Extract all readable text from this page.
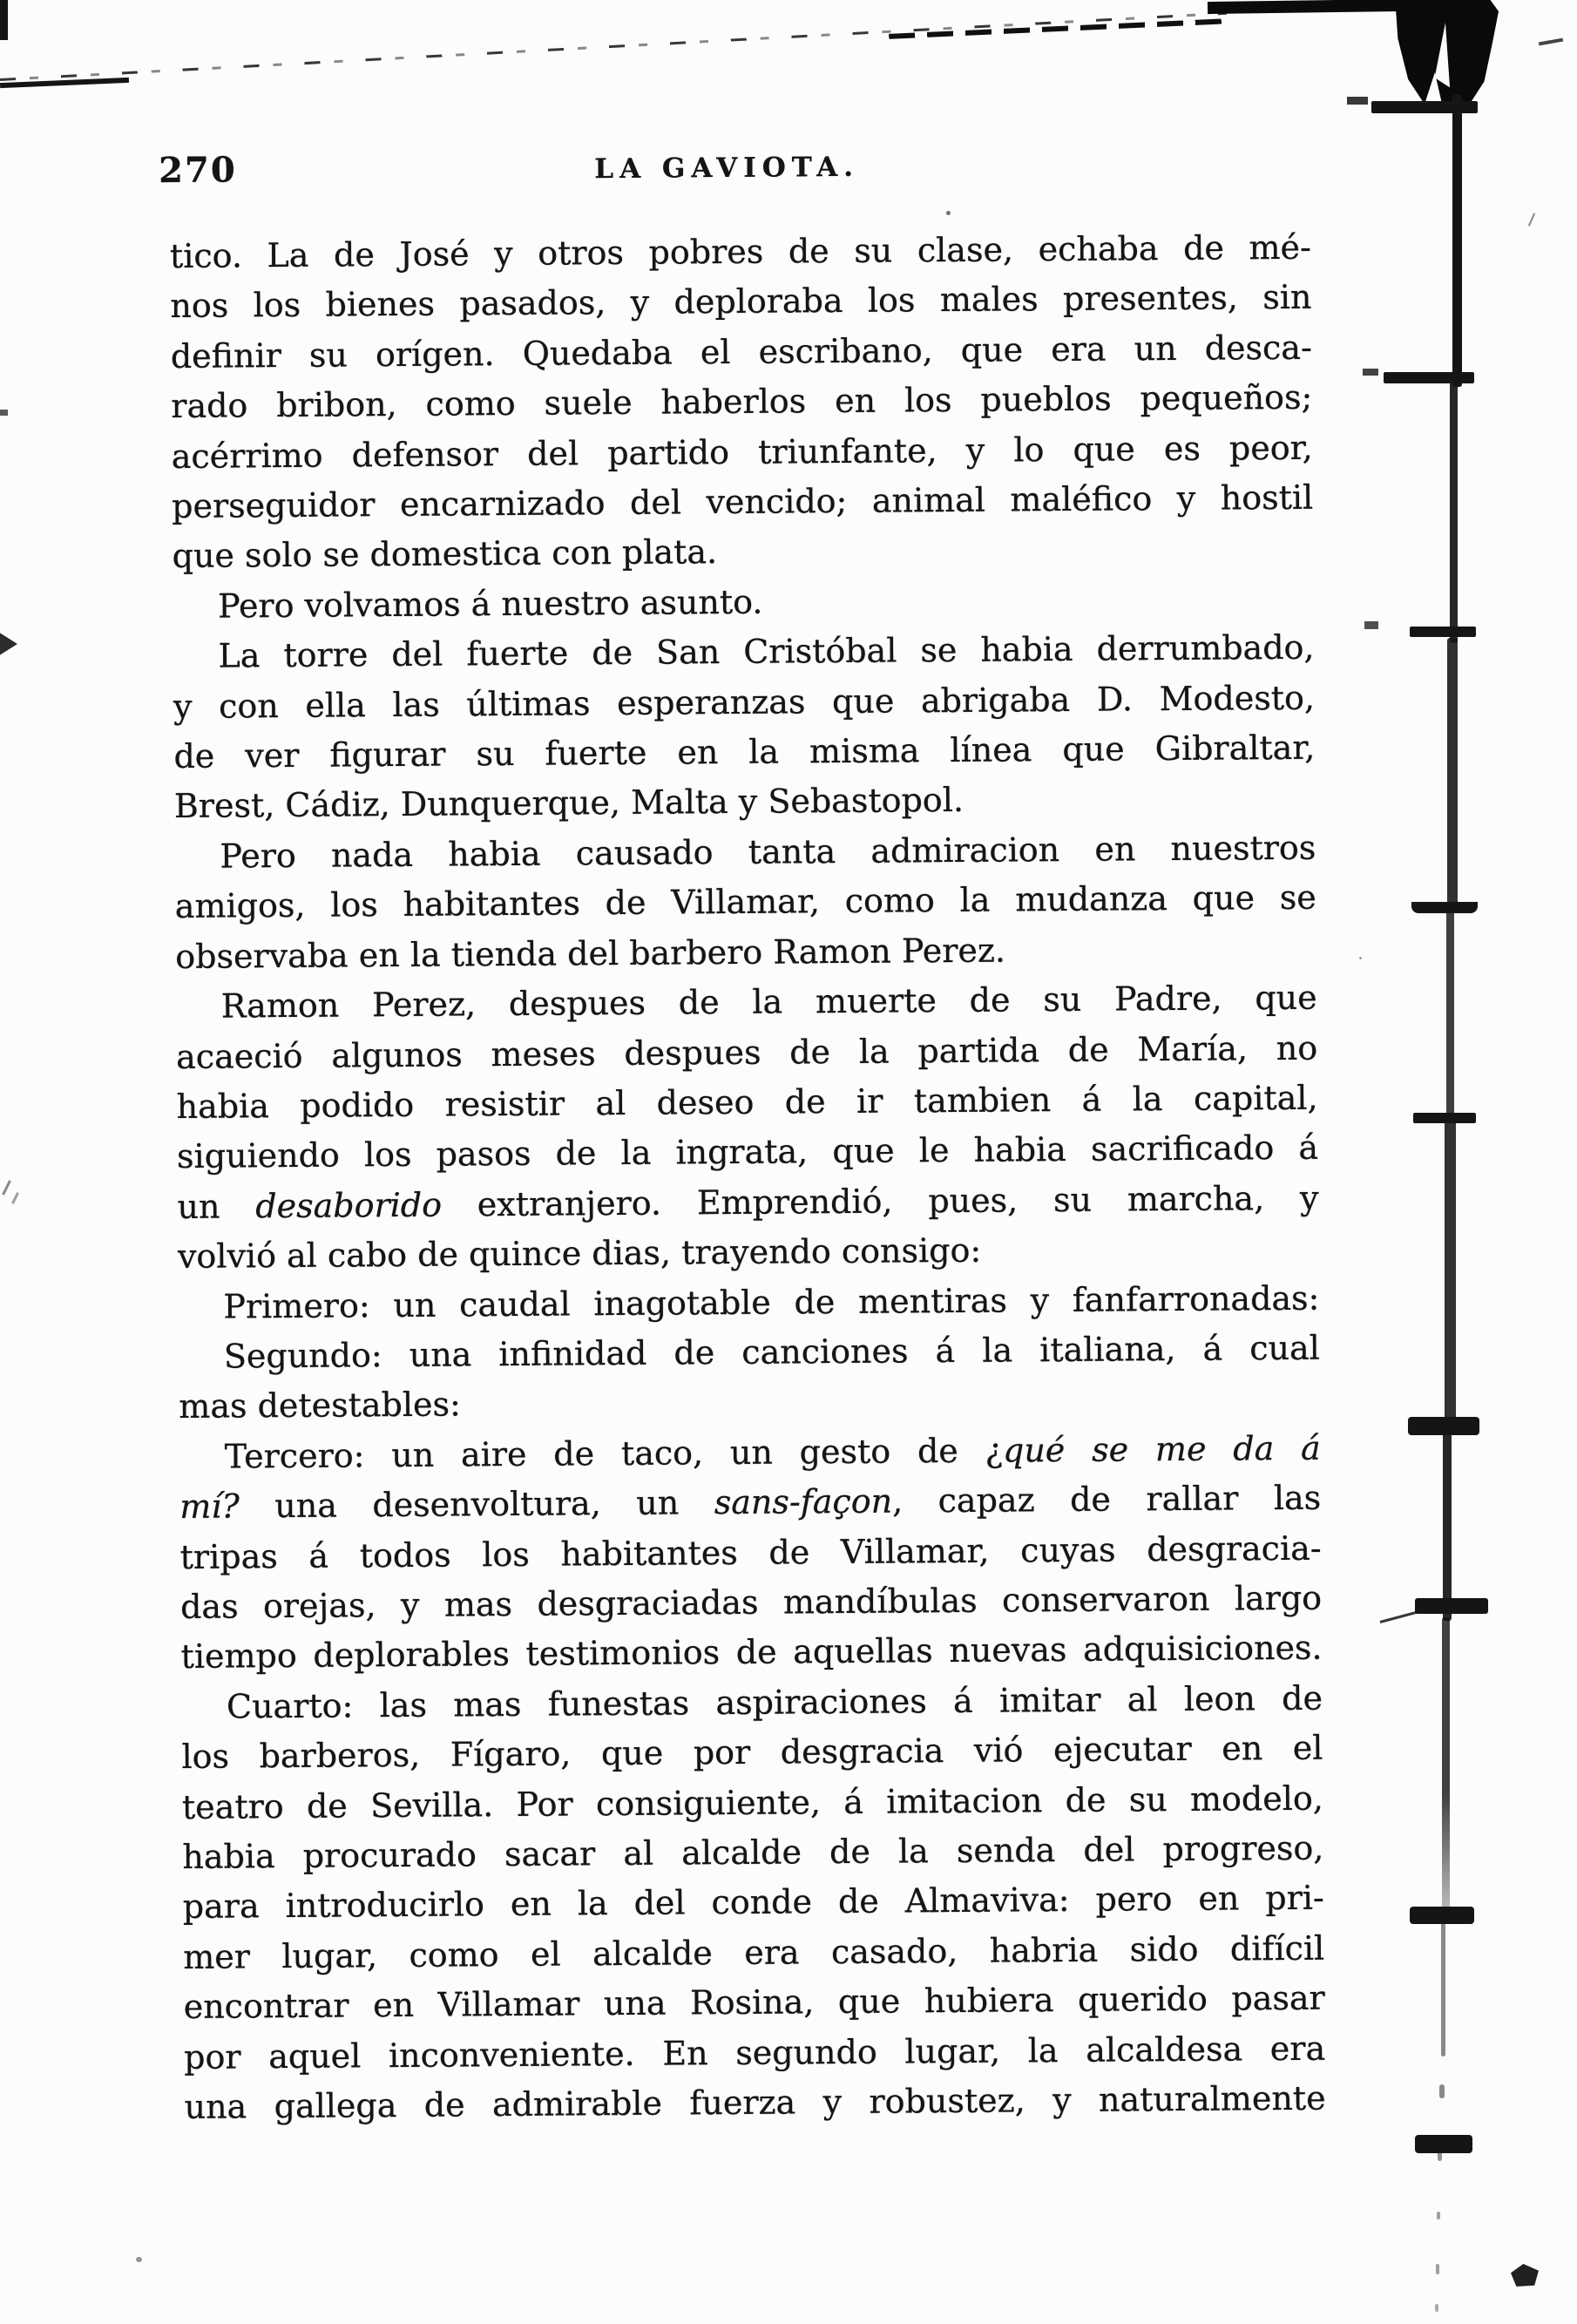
270	LA GAVIOTA.
tico. La de José y otros pobres de su clase, echaba de mé-
nos los bienes pasados, y deploraba los males presentes, sin
definir su orígen. Quedaba el escribano, que era un desca-
rado bribon, como suele haberlos en los pueblos pequeños;
acérrimo defensor del partido triunfante, y lo que es peor,
perseguidor encarnizado del vencido; animal maléfico y hostil
que solo se domestica con plata.
Pero volvamos á nuestro asunto.
La torre del fuerte de San Cristóbal se habia derrumbado,
y con ella las últimas esperanzas que abrigaba D. Modesto,
de ver figurar su fuerte en la misma línea que Gibraltar,
Brest, Cádiz, Dunquerque, Malta y Sebastopol.
Pero nada habia causado tanta admiracion en nuestros
amigos, los habitantes de Villamar, como la mudanza que se
observaba en la tienda del barbero Ramon Perez.
Ramon Perez, despues de la muerte de su Padre, que
acaeció algunos meses despues de la partida de María, no
habia podido resistir al deseo de ir tambien á la capital,
siguiendo los pasos de la ingrata, que le habia sacrificado á
un desaborido extranjero. Emprendió, pues, su marcha, y
volvió al cabo de quince dias, trayendo consigo:
Primero: un caudal inagotable de mentiras y fanfarronadas:
Segundo: una infinidad de canciones á la italiana, á cual
mas detestables:
Tercero: un aire de taco, un gesto de ¿qué se me da á
mí? una desenvoltura, un sans-façon, capaz de rallar las
tripas á todos los habitantes de Villamar, cuyas desgracia-
das orejas, y mas desgraciadas mandíbulas conservaron largo
tiempo deplorables testimonios de aquellas nuevas adquisiciones.
Cuarto: las mas funestas aspiraciones á imitar al leon de
los barberos, Fígaro, que por desgracia vió ejecutar en el
teatro de Sevilla. Por consiguiente, á imitacion de su modelo,
habia procurado sacar al alcalde de la senda del progreso,
para introducirlo en la del conde de Almaviva: pero en pri-
mer lugar, como el alcalde era casado, habria sido difícil
encontrar en Villamar una Rosina, que hubiera querido pasar
por aquel inconveniente. En segundo lugar, la alcaldesa era
una gallega de admirable fuerza y robustez, y naturalmente
